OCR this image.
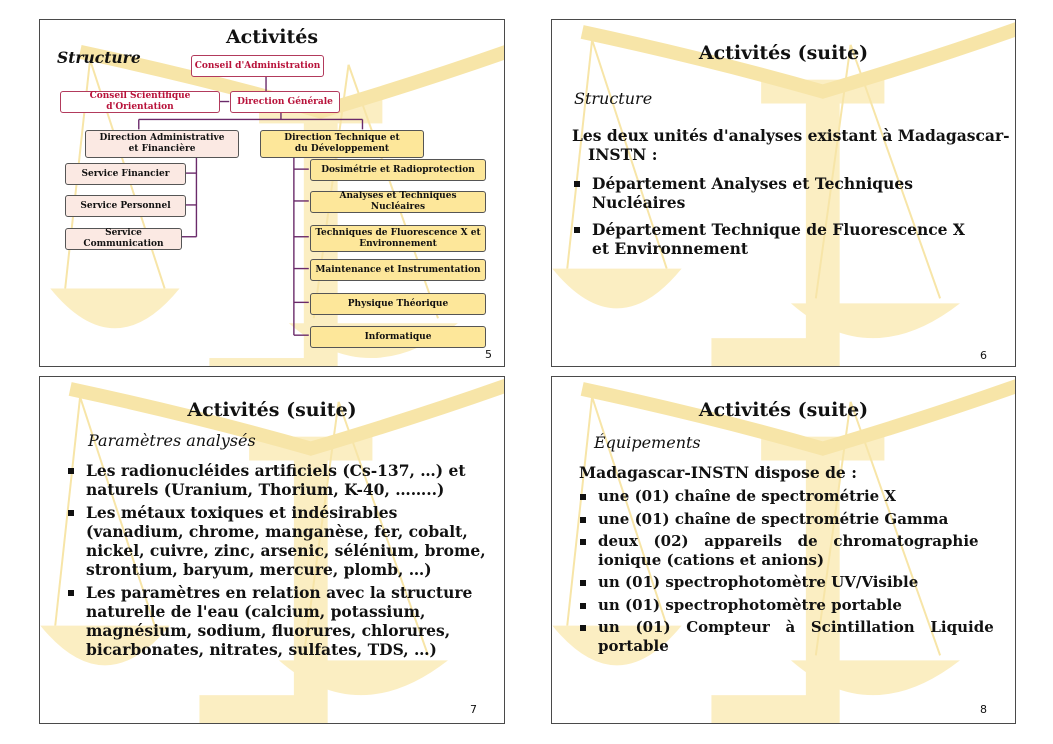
Activités
Structure	Conseil d'Administration
Conseil Scientifique d'Orientation
Direction Générale
Direction Administrative
et Financière
Direction Technique et
du Développement
Service Financier
Service Personnel
Service Communication
Dosimétrie et Radioprotection
Analyses et Techniques Nucléaires
Techniques de Fluorescence X et
Environnement
Maintenance et Instrumentation
Physique Théorique
Informatique
5
Activités (suite)
Structure
Les deux unités d'analyses existant à Madagascar-
INSTN :
Département Analyses et Techniques
Nucléaires
Département Technique de Fluorescence X
et Environnement
6
Activités (suite)
Paramètres analysés
Les radionucléides artificiels (Cs-137, …) et
naturels (Uranium, Thorium, K-40, ……..)
Les métaux toxiques et indésirables
(vanadium, chrome, manganèse, fer, cobalt,
nickel, cuivre, zinc, arsenic, sélénium, brome,
strontium, baryum, mercure, plomb, …)
Les paramètres en relation avec la structure
naturelle de l'eau (calcium, potassium,
magnésium, sodium, fluorures, chlorures,
bicarbonates, nitrates, sulfates, TDS, …)
7
Activités (suite)
Équipements
Madagascar-INSTN dispose de :
une (01) chaîne de spectrométrie X
une (01) chaîne de spectrométrie Gamma
deux   (02)   appareils   de   chromatographie
ionique (cations et anions)
un (01) spectrophotomètre UV/Visible
un (01) spectrophotomètre portable
un   (01)   Compteur   à   Scintillation   Liquide
portable
8
